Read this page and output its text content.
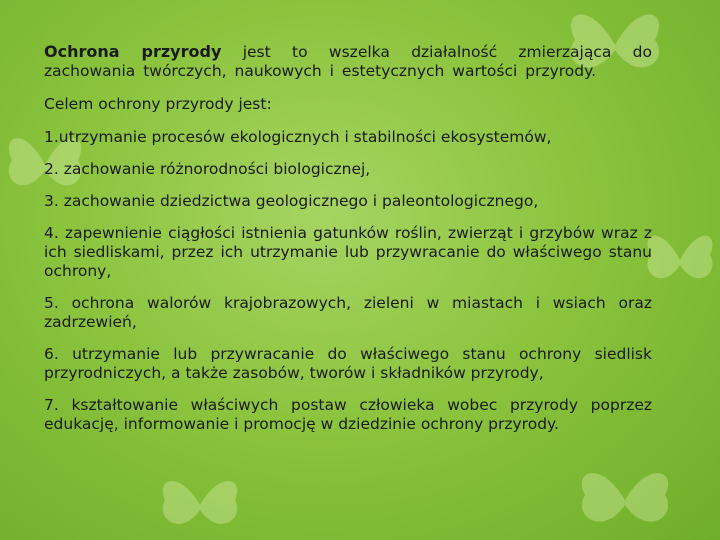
Ochrona przyrody jest to wszelka działalność zmierzająca do zachowania twórczych, naukowych i estetycznych wartości przyrody.

Celem ochrony przyrody jest:

1.utrzymanie procesów ekologicznych i stabilności ekosystemów,

2. zachowanie różnorodności biologicznej,

3. zachowanie dziedzictwa geologicznego i paleontologicznego,

4. zapewnienie ciągłości istnienia gatunków roślin, zwierząt i grzybów wraz z ich siedliskami, przez ich utrzymanie lub przywracanie do właściwego stanu ochrony,

5. ochrona walorów krajobrazowych, zieleni w miastach i wsiach oraz zadrzewień,

6. utrzymanie lub przywracanie do właściwego stanu ochrony siedlisk przyrodniczych, a także zasobów, tworów i składników przyrody,

7. kształtowanie właściwych postaw człowieka wobec przyrody poprzez edukację, informowanie i promocję w dziedzinie ochrony przyrody.
